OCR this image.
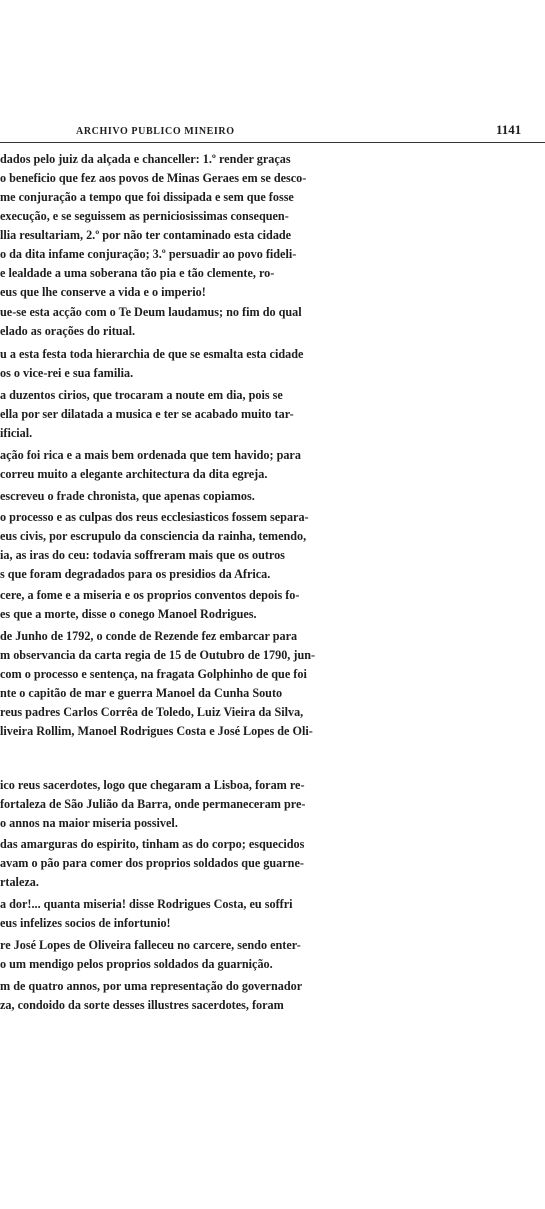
ARCHIVO PUBLICO MINEIRO	1141
dados pelo juiz da alçada e chanceller: 1.º render graças
o beneficio que fez aos povos de Minas Geraes em se desco-
me conjuração a tempo que foi dissipada e sem que fosse
execução, e se seguissem as perniciosissimas consequen-
llia resultariam, 2.º por não ter contaminado esta cidade
o da dita infame conjuração; 3.º persuadir ao povo fideli-
e lealdade a uma soberana tão pia e tão clemente, ro-
eus que lhe conserve a vida e o imperio!
ue-se esta acção com o Te Deum laudamus; no fim do qual
elado as orações do ritual.
u a esta festa toda hierarchia de que se esmalta esta cidade
os o vice-rei e sua familia.
a duzentos cirios, que trocaram a noute em dia, pois se
ella por ser dilatada a musica e ter se acabado muito tar-
ificial.
ação foi rica e a mais bem ordenada que tem havido; para
correu muito a elegante architectura da dita egreja.
escreveu o frade chronista, que apenas copiamos.
o processo e as culpas dos reus ecclesiasticos fossem separa-
eus civis, por escrupulo da consciencia da rainha, temendo,
ia, as iras do ceu: todavia soffreram mais que os outros
s que foram degradados para os presidios da Africa.
cere, a fome e a miseria e os proprios conventos depois fo-
es que a morte, disse o conego Manoel Rodrigues.
de Junho de 1792, o conde de Rezende fez embarcar para
m observancia da carta regia de 15 de Outubro de 1790, jun-
com o processo e sentença, na fragata Golphinho de que foi
nte o capitão de mar e guerra Manoel da Cunha Souto
reus padres Carlos Corrêa de Toledo, Luiz Vieira da Silva,
liveira Rollim, Manoel Rodrigues Costa e José Lopes de Oli-
ico reus sacerdotes, logo que chegaram a Lisboa, foram re-
fortaleza de São Julião da Barra, onde permaneceram pre-
o annos na maior miseria possivel.
das amarguras do espirito, tinham as do corpo; esquecidos
avam o pão para comer dos proprios soldados que guarne-
rtaleza.
a dor!... quanta miseria! disse Rodrigues Costa, eu soffri
eus infelizes socios de infortunio!
re José Lopes de Oliveira falleceu no carcere, sendo enter-
o um mendigo pelos proprios soldados da guarnição.
m de quatro annos, por uma representação do governador
za, condoido da sorte desses illustres sacerdotes, foram
